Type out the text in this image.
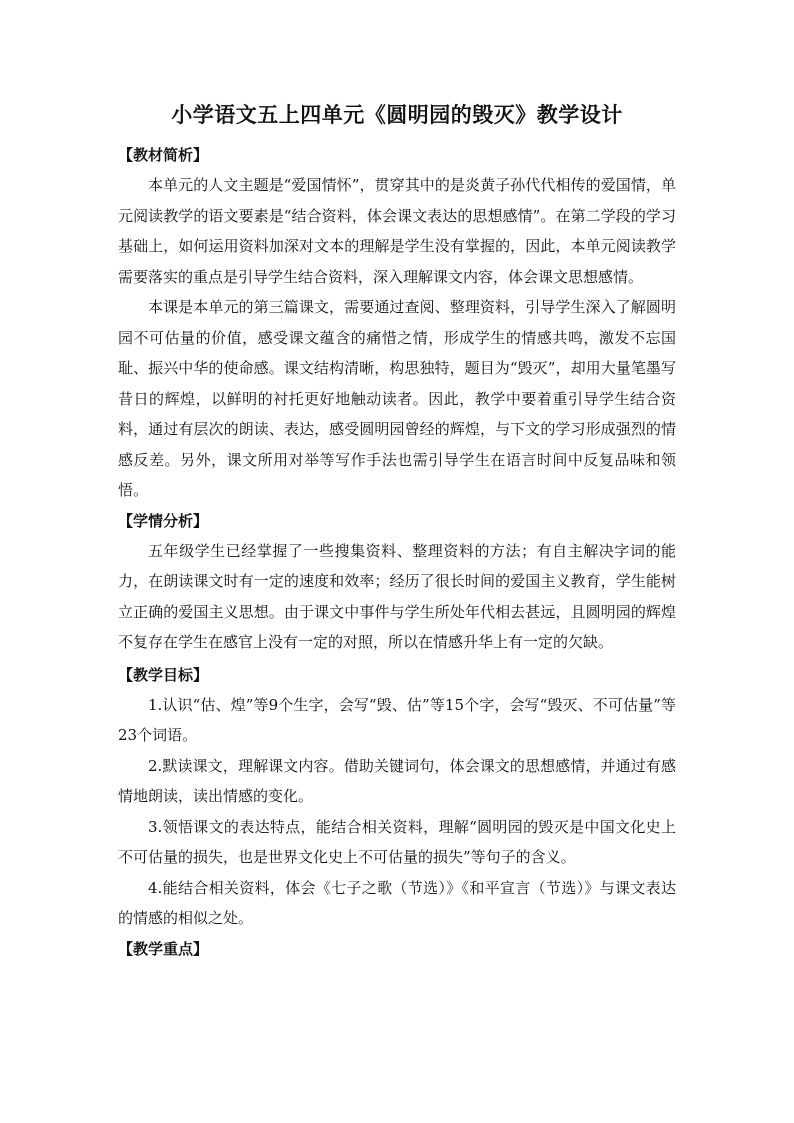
小学语文五上四单元《圆明园的毁灭》教学设计
【教材简析】

本单元的人文主题是“爱国情怀”，贯穿其中的是炎黄子孙代代相传的爱国情，单元阅读教学的语文要素是“结合资料，体会课文表达的思想感情”。在第二学段的学习基础上，如何运用资料加深对文本的理解是学生没有掌握的，因此，本单元阅读教学需要落实的重点是引导学生结合资料，深入理解课文内容，体会课文思想感情。

本课是本单元的第三篇课文，需要通过查阅、整理资料，引导学生深入了解圆明园不可估量的价值，感受课文蕴含的痛惜之情，形成学生的情感共鸣，激发不忘国耻、振兴中华的使命感。课文结构清晰，构思独特，题目为“毁灭”，却用大量笔墨写昔日的辉煌，以鲜明的衬托更好地触动读者。因此，教学中要着重引导学生结合资料，通过有层次的朗读、表达，感受圆明园曾经的辉煌，与下文的学习形成强烈的情感反差。另外，课文所用对举等写作手法也需引导学生在语言时间中反复品味和领悟。

【学情分析】

五年级学生已经掌握了一些搜集资料、整理资料的方法；有自主解决字词的能力，在朗读课文时有一定的速度和效率；经历了很长时间的爱国主义教育，学生能树立正确的爱国主义思想。由于课文中事件与学生所处年代相去甚远，且圆明园的辉煌不复存在学生在感官上没有一定的对照，所以在情感升华上有一定的欠缺。

【教学目标】

1.认识“估、煌”等9个生字，会写“毁、估”等15个字，会写“毁灭、不可估量”等23个词语。

2.默读课文，理解课文内容。借助关键词句，体会课文的思想感情，并通过有感情地朗读，读出情感的变化。

3.领悟课文的表达特点，能结合相关资料，理解“圆明园的毁灭是中国文化史上不可估量的损失，也是世界文化史上不可估量的损失”等句子的含义。

4.能结合相关资料，体会《七子之歌（节选）》《和平宣言（节选）》与课文表达的情感的相似之处。

【教学重点】
